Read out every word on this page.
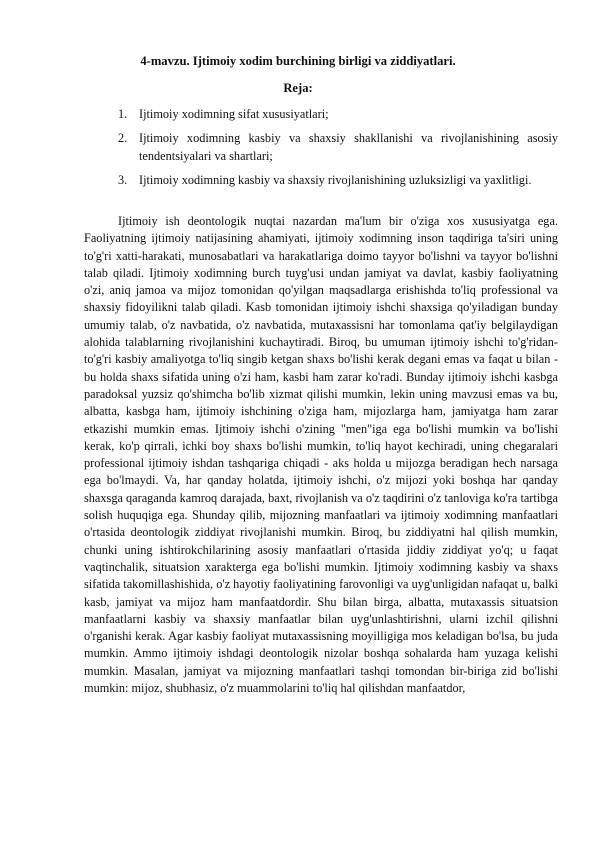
4-mavzu. Ijtimoiy xodim burchining birligi va ziddiyatlari.
Reja:
1. Ijtimoiy xodimning sifat xususiyatlari;
2. Ijtimoiy xodimning kasbiy va shaxsiy shakllanishi va rivojlanishining asosiy tendentsiyalari va shartlari;
3. Ijtimoiy xodimning kasbiy va shaxsiy rivojlanishining uzluksizligi va yaxlitligi.

Ijtimoiy ish deontologik nuqtai nazardan ma'lum bir o'ziga xos xususiyatga ega. Faoliyatning ijtimoiy natijasining ahamiyati, ijtimoiy xodimning inson taqdiriga ta'siri uning to'g'ri xatti-harakati, munosabatlari va harakatlariga doimo tayyor bo'lishni va tayyor bo'lishni talab qiladi. Ijtimoiy xodimning burch tuyg'usi undan jamiyat va davlat, kasbiy faoliyatning o'zi, aniq jamoa va mijoz tomonidan qo'yilgan maqsadlarga erishishda to'liq professional va shaxsiy fidoyilikni talab qiladi. Kasb tomonidan ijtimoiy ishchi shaxsiga qo'yiladigan bunday umumiy talab, o'z navbatida, o'z navbatida, mutaxassisni har tomonlama qat'iy belgilaydigan alohida talablarning rivojlanishini kuchaytiradi. Biroq, bu umuman ijtimoiy ishchi to'g'ridan-to'g'ri kasbiy amaliyotga to'liq singib ketgan shaxs bo'lishi kerak degani emas va faqat u bilan - bu holda shaxs sifatida uning o'zi ham, kasbi ham zarar ko'radi. Bunday ijtimoiy ishchi kasbga paradoksal yuzsiz qo'shimcha bo'lib xizmat qilishi mumkin, lekin uning mavzusi emas va bu, albatta, kasbga ham, ijtimoiy ishchining o'ziga ham, mijozlarga ham, jamiyatga ham zarar etkazishi mumkin emas. Ijtimoiy ishchi o'zining "men"iga ega bo'lishi mumkin va bo'lishi kerak, ko'p qirrali, ichki boy shaxs bo'lishi mumkin, to'liq hayot kechiradi, uning chegaralari professional ijtimoiy ishdan tashqariga chiqadi - aks holda u mijozga beradigan hech narsaga ega bo'lmaydi. Va, har qanday holatda, ijtimoiy ishchi, o'z mijozi yoki boshqa har qanday shaxsga qaraganda kamroq darajada, baxt, rivojlanish va o'z taqdirini o'z tanloviga ko'ra tartibga solish huquqiga ega. Shunday qilib, mijozning manfaatlari va ijtimoiy xodimning manfaatlari o'rtasida deontologik ziddiyat rivojlanishi mumkin. Biroq, bu ziddiyatni hal qilish mumkin, chunki uning ishtirokchilarining asosiy manfaatlari o'rtasida jiddiy ziddiyat yo'q; u faqat vaqtinchalik, situatsion xarakterga ega bo'lishi mumkin. Ijtimoiy xodimning kasbiy va shaxs sifatida takomillashishida, o'z hayotiy faoliyatining farovonligi va uyg'unligidan nafaqat u, balki kasb, jamiyat va mijoz ham manfaatdordir. Shu bilan birga, albatta, mutaxassis situatsion manfaatlarni kasbiy va shaxsiy manfaatlar bilan uyg'unlashtirishni, ularni izchil qilishni o'rganishi kerak. Agar kasbiy faoliyat mutaxassisning moyilligiga mos keladigan bo'lsa, bu juda mumkin. Ammo ijtimoiy ishdagi deontologik nizolar boshqa sohalarda ham yuzaga kelishi mumkin. Masalan, jamiyat va mijozning manfaatlari tashqi tomondan bir-biriga zid bo'lishi mumkin: mijoz, shubhasiz, o'z muammolarini to'liq hal qilishdan manfaatdor,
